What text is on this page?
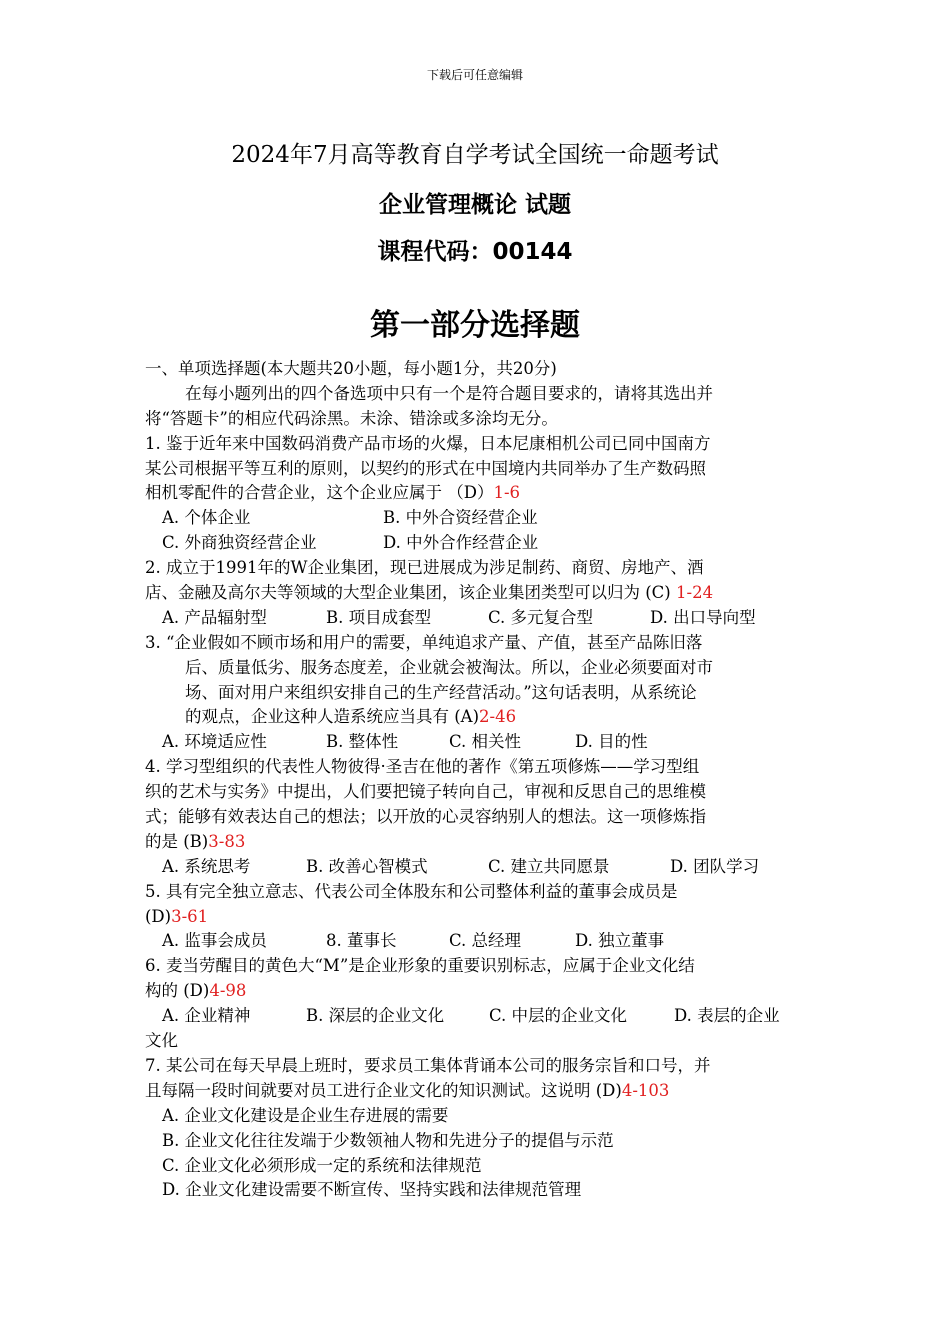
下载后可任意编辑
2024年7月高等教育自学考试全国统一命题考试
企业管理概论 试题
课程代码：00144
第一部分选择题
一、单项选择题(本大题共20小题，每小题1分，共20分)
在每小题列出的四个备选项中只有一个是符合题目要求的，请将其选出并
将“答题卡”的相应代码涂黑。未涂、错涂或多涂均无分。
1. 鉴于近年来中国数码消费产品市场的火爆，日本尼康相机公司已同中国南方
某公司根据平等互利的原则，以契约的形式在中国境内共同举办了生产数码照
相机零配件的合营企业，这个企业应属于 （D）1-6
A. 个体企业	B. 中外合资经营企业
C. 外商独资经营企业	D. 中外合作经营企业
2. 成立于1991年的W企业集团，现已进展成为涉足制药、商贸、房地产、酒
店、金融及高尔夫等领域的大型企业集团，该企业集团类型可以归为 (C) 1-24
A. 产品辐射型	B. 项目成套型	C. 多元复合型	D. 出口导向型
3. “企业假如不顾市场和用户的需要，单纯追求产量、产值，甚至产品陈旧落
后、质量低劣、服务态度差，企业就会被淘汰。所以，企业必须要面对市
场、面对用户来组织安排自己的生产经营活动。”这句话表明，从系统论
的观点，企业这种人造系统应当具有 (A)2-46
A. 环境适应性	B. 整体性	C. 相关性	D. 目的性
4. 学习型组织的代表性人物彼得·圣吉在他的著作《第五项修炼——学习型组
织的艺术与实务》中提出，人们要把镜子转向自己，审视和反思自己的思维模
式；能够有效表达自己的想法；以开放的心灵容纳别人的想法。这一项修炼指
的是 (B)3-83
A. 系统思考	B. 改善心智模式	C. 建立共同愿景	D. 团队学习
5. 具有完全独立意志、代表公司全体股东和公司整体利益的董事会成员是
(D)3-61
A. 监事会成员	8. 董事长	C. 总经理	D. 独立董事
6. 麦当劳醒目的黄色大“M”是企业形象的重要识别标志，应属于企业文化结
构的 (D)4-98
A. 企业精神	B. 深层的企业文化	C. 中层的企业文化	D. 表层的企业
文化
7. 某公司在每天早晨上班时，要求员工集体背诵本公司的服务宗旨和口号，并
且每隔一段时间就要对员工进行企业文化的知识测试。这说明 (D)4-103
A. 企业文化建设是企业生存进展的需要
B. 企业文化往往发端于少数领袖人物和先进分子的提倡与示范
C. 企业文化必须形成一定的系统和法律规范
D. 企业文化建设需要不断宣传、坚持实践和法律规范管理
